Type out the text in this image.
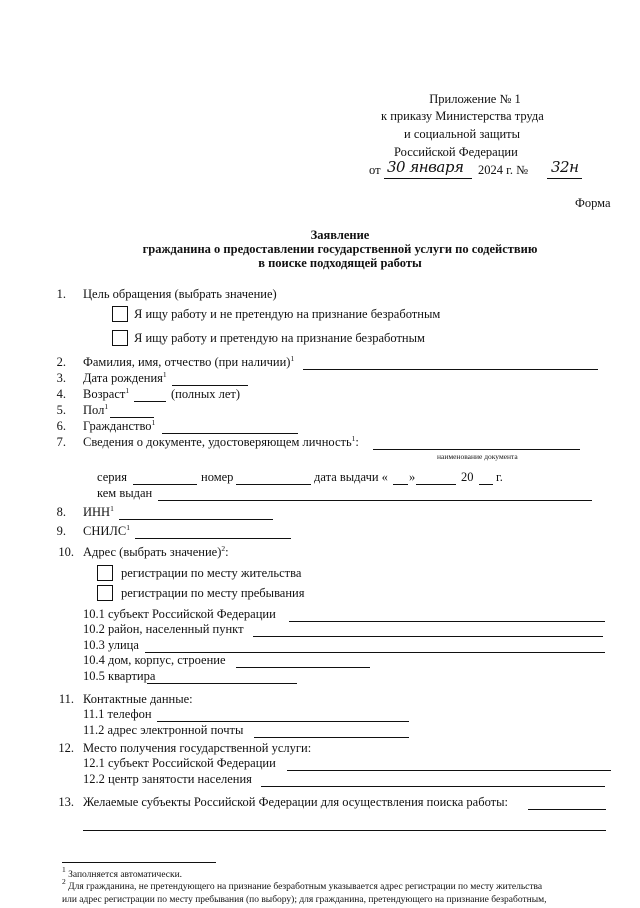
Приложение № 1
к приказу Министерства труда
и социальной защиты
Российской Федерации
от 30 января 2024 г. № 32н
Форма
Заявление
гражданина о предоставлении государственной услуги по содействию
в поиске подходящей работы
1. Цель обращения (выбрать значение)
Я ищу работу и не претендую на признание безработным
Я ищу работу и претендую на признание безработным
2. Фамилия, имя, отчество (при наличии)$^1$
3. Дата рождения$^1$
4. Возраст$^1$	(полных лет)
5. Пол$^1$
6. Гражданство$^1$
7. Сведения о документе, удостоверяющем личность$^1$:
наименование документа
серия	номер	дата выдачи « »	20 г.
кем выдан
8. ИНН$^1$
9. СНИЛС$^1$
10. Адрес (выбрать значение)$^2$:
регистрации по месту жительства
регистрации по месту пребывания
10.1 субъект Российской Федерации
10.2 район, населенный пункт
10.3 улица
10.4 дом, корпус, строение
10.5 квартира
11. Контактные данные:
11.1 телефон
11.2 адрес электронной почты
12. Место получения государственной услуги:
12.1 субъект Российской Федерации
12.2 центр занятости населения
13. Желаемые субъекты Российской Федерации для осуществления поиска работы:
$^1$ Заполняется автоматически.
$^2$ Для гражданина, не претендующего на признание безработным указывается адрес регистрации по месту жительства
или адрес регистрации по месту пребывания (по выбору); для гражданина, претендующего на признание безработным,
